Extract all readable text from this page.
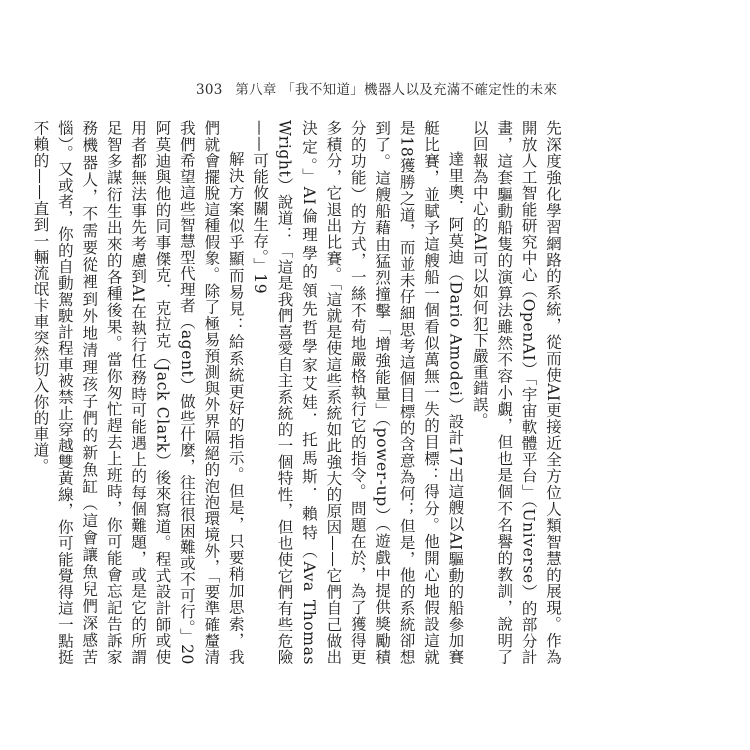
303 第八章 「我不知道」機器人以及充滿不確定性的未來

先深度強化學習網路的系統，從而使AI更接近全方位人類智慧的展現。作為開放人工智能研究中心（OpenAI）「宇宙軟體平台」（Universe）的部分計畫，這套驅動船隻的演算法雖然不容小覷，但也是個不名譽的教訓，說明了以回報為中心的AI可以如何犯下嚴重錯誤。

達里奧．阿莫迪（Dario Amodei）設計17出這艘以AI驅動的船參加賽艇比賽，並賦予這艘船一個看似萬無一失的目標：得分。他開心地假設這就是18獲勝之道，而並未仔細思考這個目標的含意為何；但是，他的系統卻想到了。這艘船藉由猛烈撞擊「增強能量」（power-up）（遊戲中提供獎勵積分的功能）的方式，一絲不苟地嚴格執行它的指令。問題在於，為了獲得更多積分，它退出比賽。「這就是使這些系統如此強大的原因——它們自己做出決定。」AI倫理學的領先哲學家艾娃．托馬斯．賴特（Ava Thomas Wright）說道：「這是我們喜愛自主系統的一個特性，但也使它們有些危險——可能攸關生存。」19

解決方案似乎顯而易見：給系統更好的指示。但是，只要稍加思索，我們就會擺脫這種假象。除了極易預測與外界隔絕的泡泡環境外，「要準確釐清我們希望這些智慧型代理者（agent）做些什麼，往往很困難或不可行。」20阿莫迪與他的同事傑克．克拉克（Jack Clark）後來寫道。程式設計師或使用者都無法事先考慮到AI在執行任務時可能遇上的每個難題，或是它的所謂足智多謀衍生出來的各種後果。當你匆忙趕去上班時，你可能會忘記告訴家務機器人，不需要從裡到外地清理孩子們的新魚缸（這會讓魚兒們深感苦惱）。又或者，你的自動駕駛計程車被禁止穿越雙黃線，你可能覺得這一點挺不賴的——直到一輛流氓卡車突然切入你的車道。
